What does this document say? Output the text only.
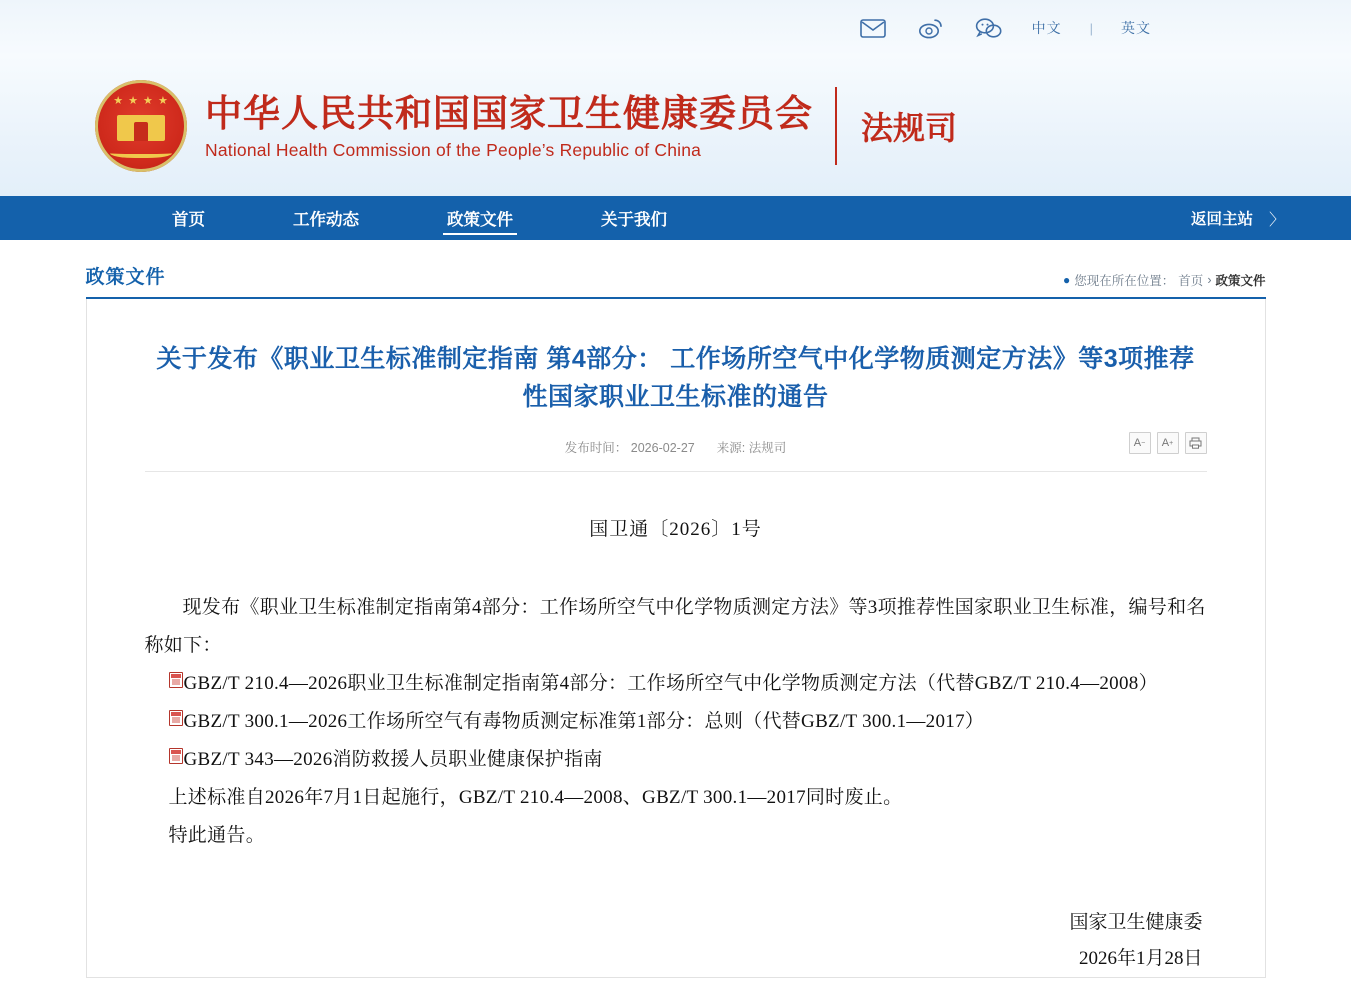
中文 | 英文
★ ★ ★ ★ 中华人民共和国国家卫生健康委员会
National Health Commission of the People’s Republic of China
法规司
首页	工作动态	政策文件	关于我们	返回主站 〉
政策文件	● 您现在所在位置： 首页 › 政策文件
关于发布《职业卫生标准制定指南 第4部分： 工作场所空气中化学物质测定方法》等3项推荐性国家职业卫生标准的通告
发布时间： 2026-02-27 来源: 法规司	A − A +
国卫通〔2026〕1号

现发布《职业卫生标准制定指南第4部分：工作场所空气中化学物质测定方法》等3项推荐性国家职业卫生标准，编号和名称如下：

GBZ/T 210.4—2026职业卫生标准制定指南第4部分：工作场所空气中化学物质测定方法（代替GBZ/T 210.4—2008）
GBZ/T 300.1—2026工作场所空气有毒物质测定标准第1部分：总则（代替GBZ/T 300.1—2017）
GBZ/T 343—2026消防救援人员职业健康保护指南

上述标准自2026年7月1日起施行，GBZ/T 210.4—2008、GBZ/T 300.1—2017同时废止。

特此通告。

国家卫生健康委
2026年1月28日
